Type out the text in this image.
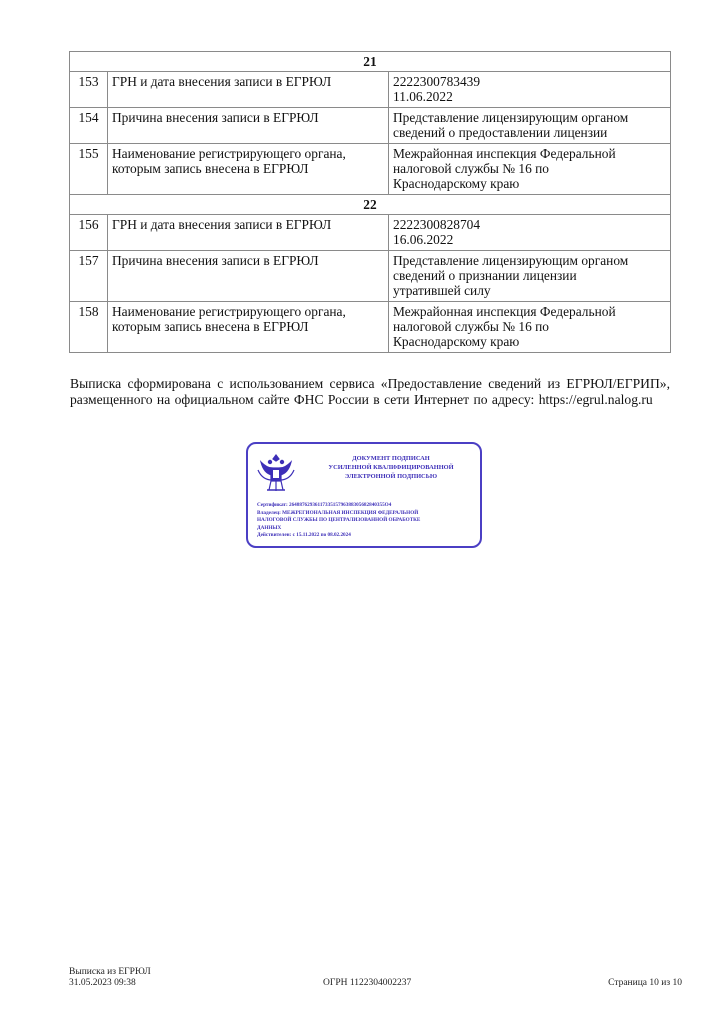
21		
153	ГРН и дата внесения записи в ЕГРЮЛ	2222300783439
11.06.2022

154	Причина внесения записи в ЕГРЮЛ	Представление лицензирующим органом
сведений о предоставлении лицензии

155	Наименование регистрирующего органа,
которым запись внесена в ЕГРЮЛ	Межрайонная инспекция Федеральной
налоговой службы № 16 по
Краснодарскому краю

22		
156	ГРН и дата внесения записи в ЕГРЮЛ	2222300828704
16.06.2022

157	Причина внесения записи в ЕГРЮЛ	Представление лицензирующим органом
сведений о признании лицензии
утратившей силу

158	Наименование регистрирующего органа,
которым запись внесена в ЕГРЮЛ	Межрайонная инспекция Федеральной
налоговой службы № 16 по
Краснодарскому краю
Выписка сформирована с использованием сервиса «Предоставление сведений из ЕГРЮЛ/ЕГРИП», размещенного на официальном сайте ФНС России в сети Интернет по адресу: https://egrul.nalog.ru
ДОКУМЕНТ ПОДПИСАН
УСИЛЕННОЙ КВАЛИФИЦИРОВАННОЙ
ЭЛЕКТРОННОЙ ПОДПИСЬЮ
Сертификат: 2648876293611733515796388305682840355О4
Владелец: МЕЖРЕГИОНАЛЬНАЯ ИНСПЕКЦИЯ ФЕДЕРАЛЬНОЙ
НАЛОГОВОЙ СЛУЖБЫ ПО ЦЕНТРАЛИЗОВАННОЙ ОБРАБОТКЕ
ДАННЫХ
Действителен: с 15.11.2022 по 08.02.2024
Выписка из ЕГРЮЛ
31.05.2023 09:38	ОГРН 1122304002237	Страница 10 из 10
